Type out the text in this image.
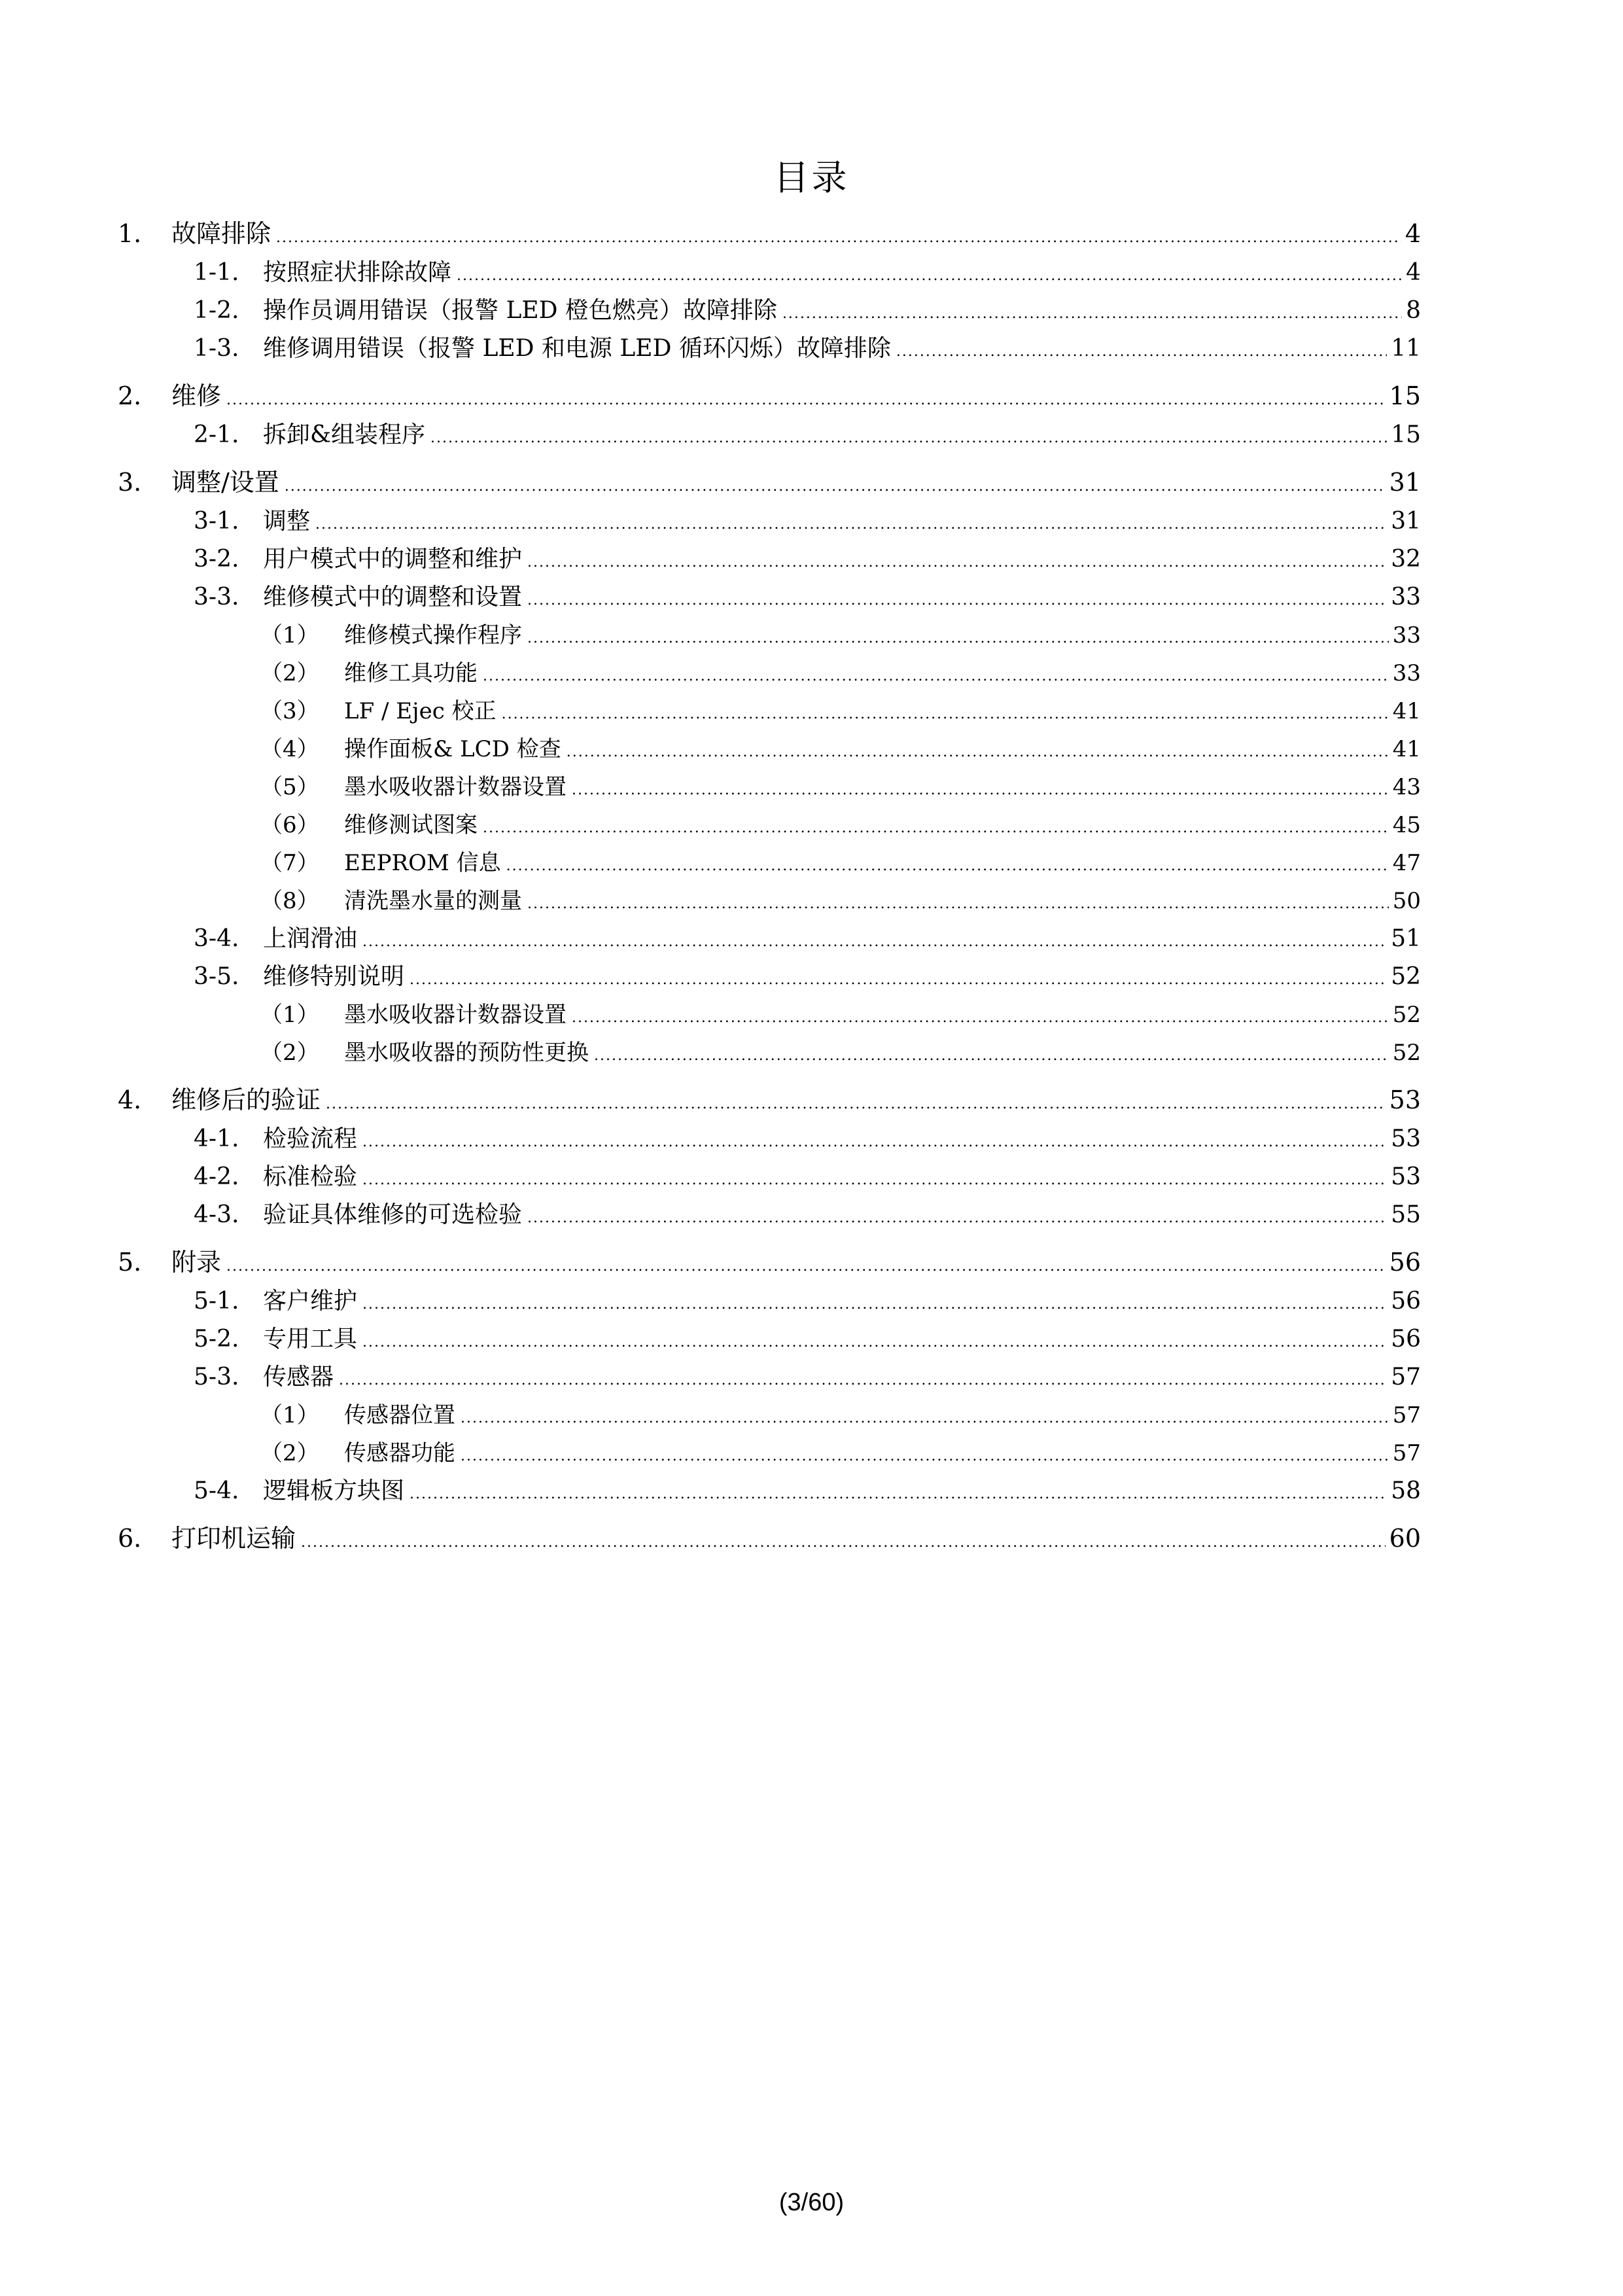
目录
1.	故障排除 .....	4
1-1.	按照症状排除故障 .....	4
1-2.	操作员调用错误（报警 LED 橙色燃亮）故障排除 .....	8
1-3.	维修调用错误（报警 LED 和电源 LED 循环闪烁）故障排除 .....	11
2.	维修 .....	15
2-1.	拆卸&组装程序 .....	15
3.	调整/设置 .....	31
3-1.	调整 .....	31
3-2.	用户模式中的调整和维护 .....	32
3-3.	维修模式中的调整和设置 .....	33
（1）	维修模式操作程序 .....	33
（2）	维修工具功能 .....	33
（3）	LF / Ejec 校正 .....	41
（4）	操作面板& LCD 检查 .....	41
（5）	墨水吸收器计数器设置 .....	43
（6）	维修测试图案 .....	45
（7）	EEPROM 信息 .....	47
（8）	清洗墨水量的测量 .....	50
3-4.	上润滑油 .....	51
3-5.	维修特别说明 .....	52
（1）	墨水吸收器计数器设置 .....	52
（2）	墨水吸收器的预防性更换 .....	52
4.	维修后的验证 .....	53
4-1.	检验流程 .....	53
4-2.	标准检验 .....	53
4-3.	验证具体维修的可选检验 .....	55
5.	附录 .....	56
5-1.	客户维护 .....	56
5-2.	专用工具 .....	56
5-3.	传感器 .....	57
（1）	传感器位置 .....	57
（2）	传感器功能 .....	57
5-4.	逻辑板方块图 .....	58
6.	打印机运输 .....	60
(3/60)
